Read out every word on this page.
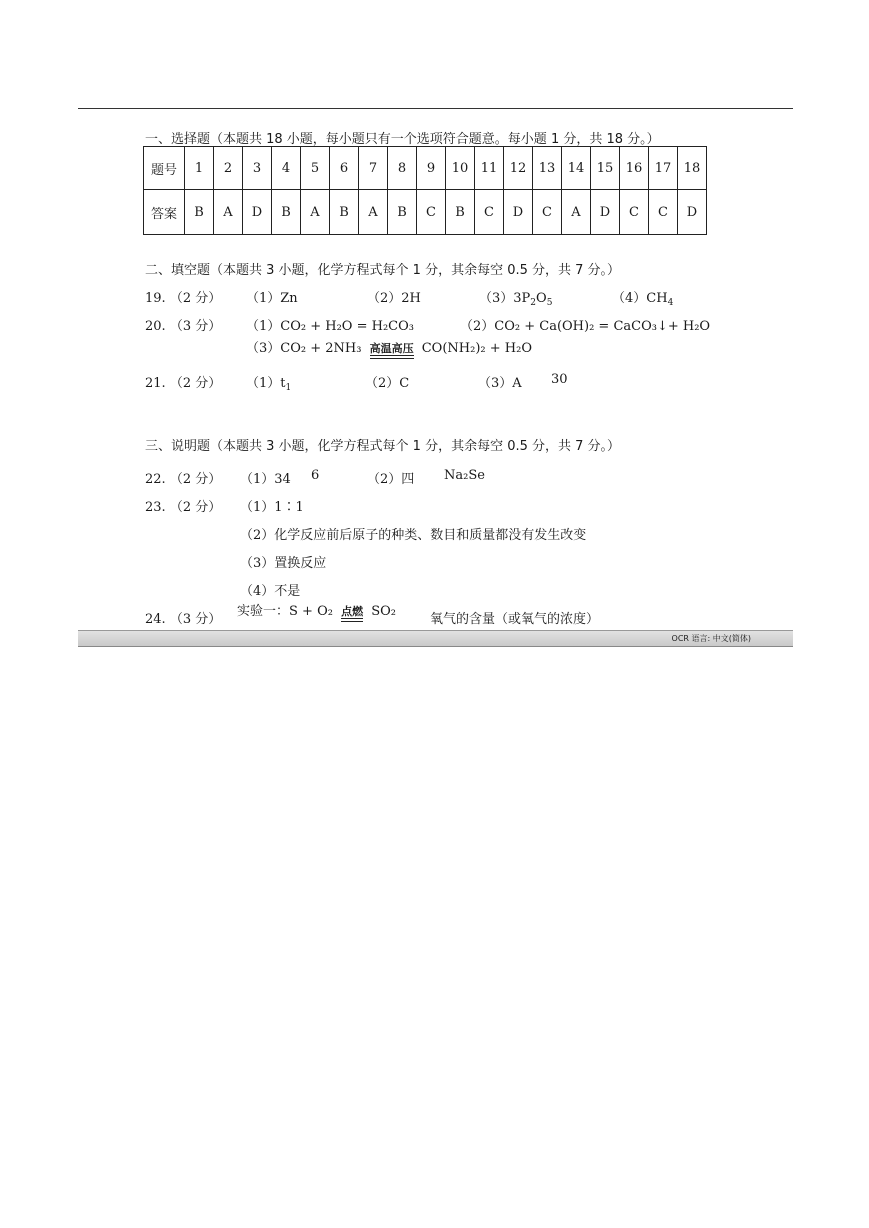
一、选择题（本题共 18 小题，每小题只有一个选项符合题意。每小题 1 分，共 18 分。）
题号	1	2	3	4	5	6	7	8	9	10	11	12	13	14	15	16	17	18
答案	B	A	D	B	A	B	A	B	C	B	C	D	C	A	D	C	C	D
二、填空题（本题共 3 小题，化学方程式每个 1 分，其余每空 0.5 分，共 7 分。）
19. （2 分） （1）Zn	（2）2H	$(3)3P_2O_5$	$(4)CH_4$
20. （3 分） （1）CO₂ + H₂O = H₂CO₃	（2）CO₂ + Ca(OH)₂ = CaCO₃↓+ H₂O
（3）CO₂ + 2NH₃ 高温高压 CO(NH₂)₂ + H₂O
21. （2 分） $(1)t_1$	（2）C	（3）A 30
三、说明题（本题共 3 小题，化学方程式每个 1 分，其余每空 0.5 分，共 7 分。）
22. （2 分） （1）34 6	（2）四 Na₂Se
23. （2 分） （1）1∶1
（2）化学反应前后原子的种类、数目和质量都没有发生改变
（3）置换反应
（4）不是
24. （3 分）
实验一：S + O₂ 点燃 SO₂
氧气的含量（或氧气的浓度）
OCR 语言: 中文(简体)
